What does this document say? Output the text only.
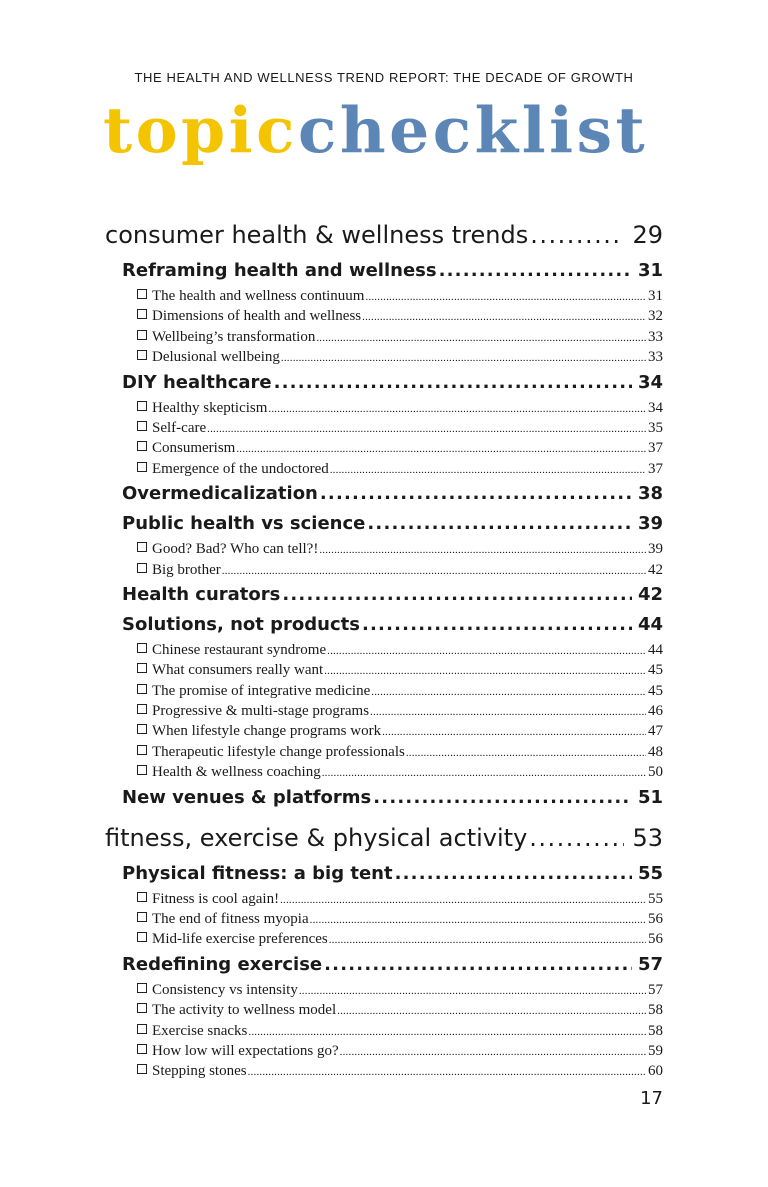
THE HEALTH AND WELLNESS TREND REPORT: THE DECADE OF GROWTH
topicchecklist
consumer health & wellness trends .....	29
Reframing health and wellness .....	31
The health and wellness continuum .....	31
Dimensions of health and wellness .....	32
Wellbeing’s transformation .....	33
Delusional wellbeing .....	33
DIY healthcare .....	34
Healthy skepticism .....	34
Self-care .....	35
Consumerism .....	37
Emergence of the undoctored .....	37
Overmedicalization .....	38
Public health vs science .....	39
Good? Bad? Who can tell?! .....	39
Big brother .....	42
Health curators .....	42
Solutions, not products .....	44
Chinese restaurant syndrome .....	44
What consumers really want .....	45
The promise of integrative medicine .....	45
Progressive & multi-stage programs .....	46
When lifestyle change programs work .....	47
Therapeutic lifestyle change professionals .....	48
Health & wellness coaching .....	50
New venues & platforms .....	51
fitness, exercise & physical activity .....	53
Physical fitness: a big tent .....	55
Fitness is cool again! .....	55
The end of fitness myopia .....	56
Mid-life exercise preferences .....	56
Redefining exercise .....	57
Consistency vs intensity .....	57
The activity to wellness model .....	58
Exercise snacks .....	58
How low will expectations go? .....	59
Stepping stones .....	60
17
